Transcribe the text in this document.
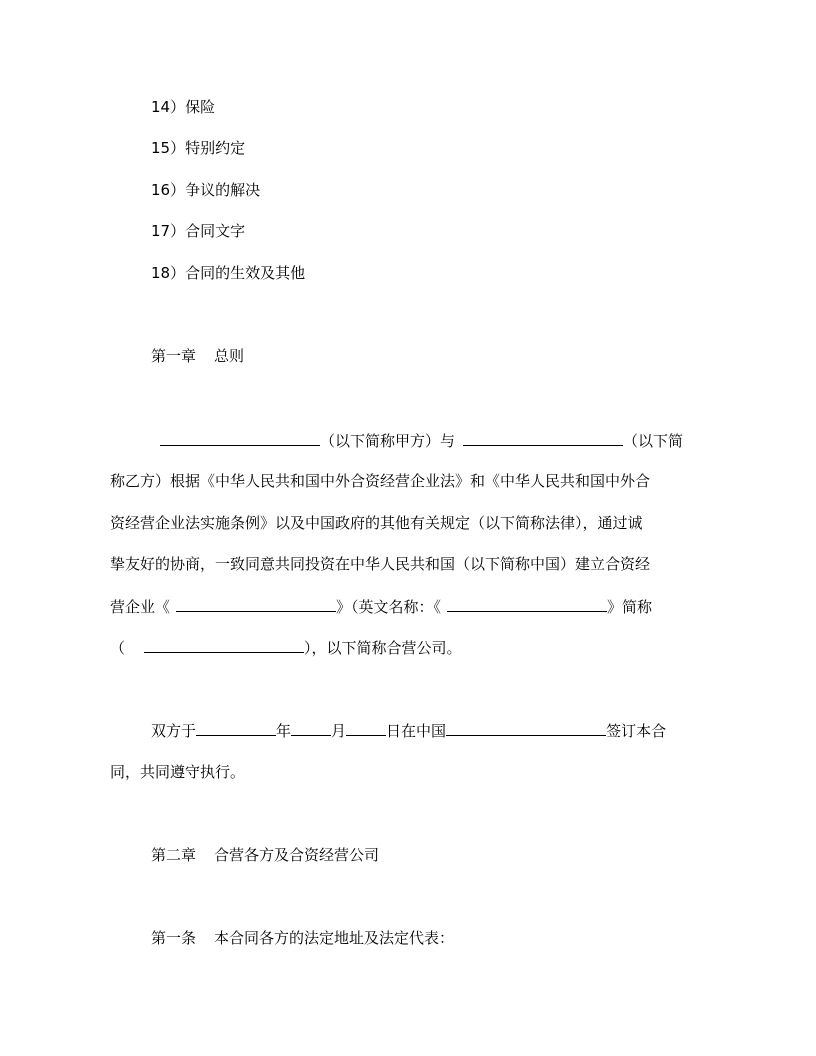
14）保险
15）特别约定
16）争议的解决
17）合同文字
18）合同的生效及其他
第一章 总则
（以下简称甲方）与	（以下简
称乙方）根据《中华人民共和国中外合资经营企业法》和《中华人民共和国中外合
资经营企业法实施条例》以及中国政府的其他有关规定（以下简称法律），通过诚
挚友好的协商，一致同意共同投资在中华人民共和国（以下简称中国）建立合资经
营企业《	》（英文名称：《	》简称
（	），以下简称合营公司。
双方于	年	月	日在中国	签订本合
同，共同遵守执行。
第二章 合营各方及合资经营公司
第一条 本合同各方的法定地址及法定代表：
